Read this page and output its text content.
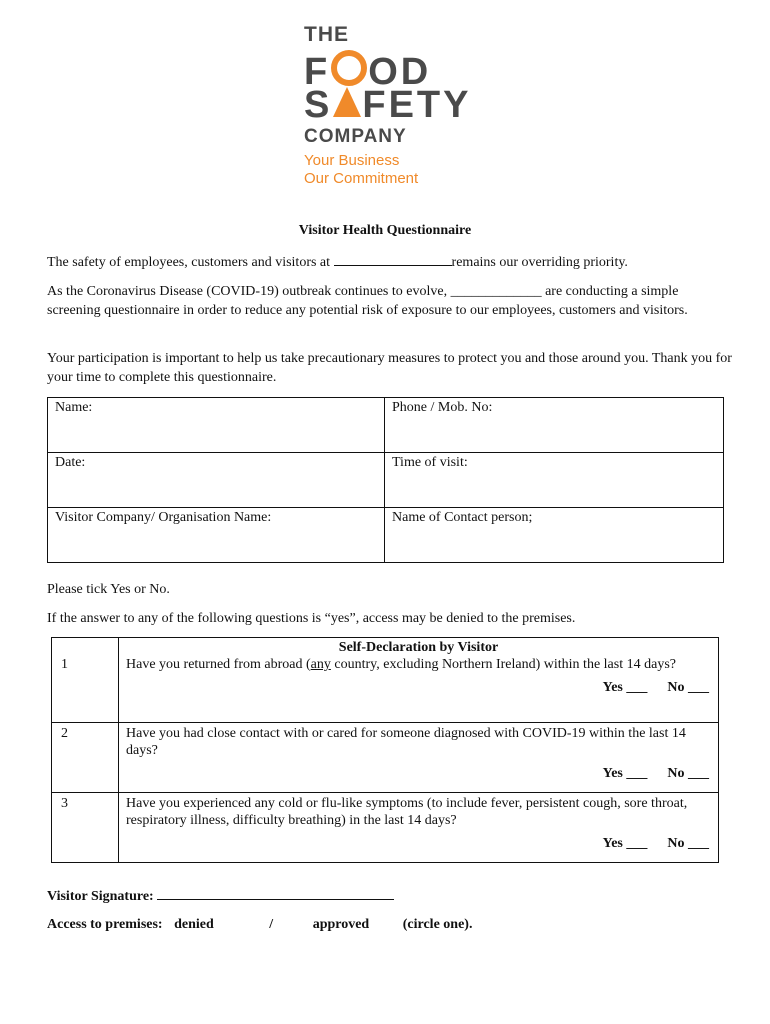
THE
F OD
S FETY
COMPANY
Your Business
Our Commitment
Visitor Health Questionnaire
The safety of employees, customers and visitors at	remains our overriding priority.
As the Coronavirus Disease (COVID-19) outbreak continues to evolve, _____________ are conducting a simple screening questionnaire in order to reduce any potential risk of exposure to our employees, customers and visitors.
Your participation is important to help us take precautionary measures to protect you and those around you. Thank you for your time to complete this questionnaire.
Name:	Phone / Mob. No:
Date:	Time of visit:
Visitor Company/ Organisation Name:	Name of Contact person;
Please tick Yes or No.
If the answer to any of the following questions is “yes”, access may be denied to the premises.
1	Self-Declaration by Visitor
	Have you returned from abroad (any country, excluding Northern Ireland) within the last 14 days?
Yes ___ No ___

2	Have you had close contact with or cared for someone diagnosed with COVID-19 within the last 14 days?
Yes ___ No ___

3	Have you experienced any cold or flu-like symptoms (to include fever, persistent cough, sore throat, respiratory illness, difficulty breathing) in the last 14 days?
Yes ___ No ___
Visitor Signature:
Access to premises: denied	/	approved (circle one).
